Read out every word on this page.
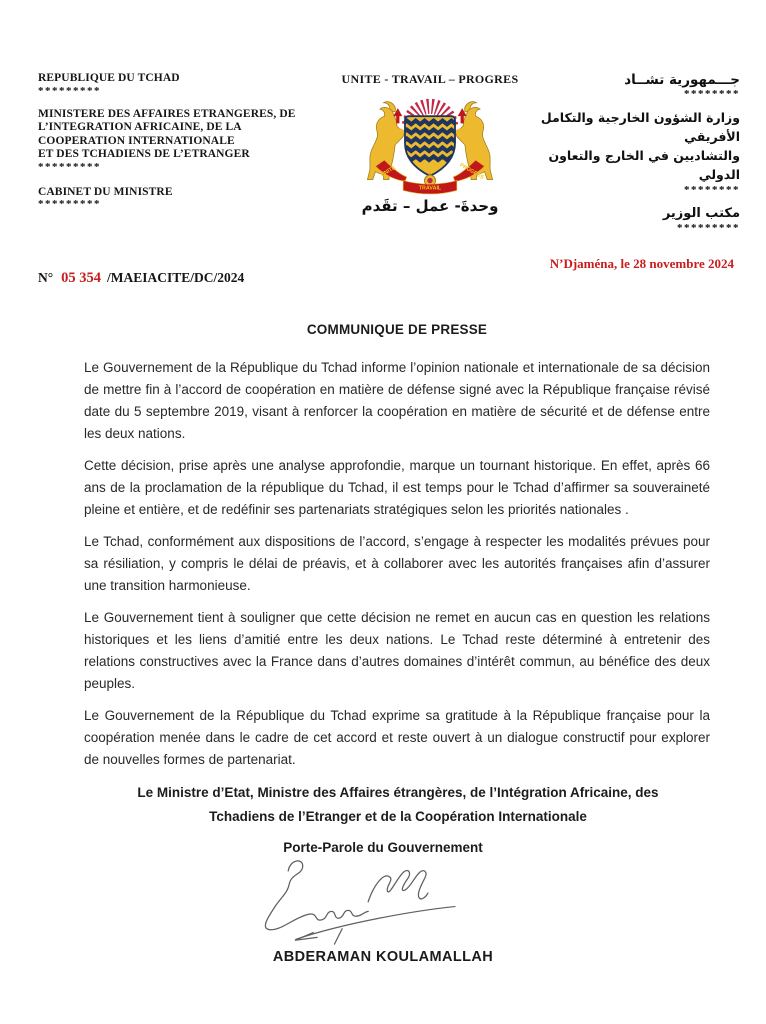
REPUBLIQUE DU TCHAD
*********
MINISTERE DES AFFAIRES ETRANGERES, DE
L’INTEGRATION AFRICAINE, DE LA
COOPERATION INTERNATIONALE
ET DES TCHADIENS DE L’ETRANGER
*********
CABINET DU MINISTRE
*********
UNITE - TRAVAIL – PROGRES
UNITE
TRAVAIL
PROGRES
وحدةَ- عمل – تقَدم
جـــمهورية تشــاد
********
وزارة الشؤون الخارجية والتكامل الأفريقي
والتشاديين في الخارج والتعاون الدولي
********
مكتب الوزير
*********
N° 05 354 /MAEIACITE/DC/2024
N’Djaména, le 28 novembre 2024
COMMUNIQUE DE PRESSE

Le Gouvernement de la République du Tchad informe l’opinion nationale et internationale de sa décision de mettre fin à l’accord de coopération en matière de défense signé avec la République française révisé date du 5 septembre 2019, visant à renforcer la coopération en matière de sécurité et de défense entre les deux nations.

Cette décision, prise après une analyse approfondie, marque un tournant historique. En effet, après 66 ans de la proclamation de la république du Tchad, il est temps pour le Tchad d’affirmer sa souveraineté pleine et entière, et de redéfinir ses partenariats stratégiques selon les priorités nationales .

Le Tchad, conformément aux dispositions de l’accord, s’engage à respecter les modalités prévues pour sa résiliation, y compris le délai de préavis, et à collaborer avec les autorités françaises afin d’assurer une transition harmonieuse.

Le Gouvernement tient à souligner que cette décision ne remet en aucun cas en question les relations historiques et les liens d’amitié entre les deux nations. Le Tchad reste déterminé à entretenir des relations constructives avec la France dans d’autres domaines d’intérêt commun, au bénéfice des deux peuples.

Le Gouvernement de la République du Tchad exprime sa gratitude à la République française pour la coopération menée dans le cadre de cet accord et reste ouvert à un dialogue constructif pour explorer de nouvelles formes de partenariat.

Le Ministre d’Etat, Ministre des Affaires étrangères, de l’Intégration Africaine, des
Tchadiens de l’Etranger et de la Coopération Internationale
Porte-Parole du Gouvernement
ABDERAMAN KOULAMALLAH
